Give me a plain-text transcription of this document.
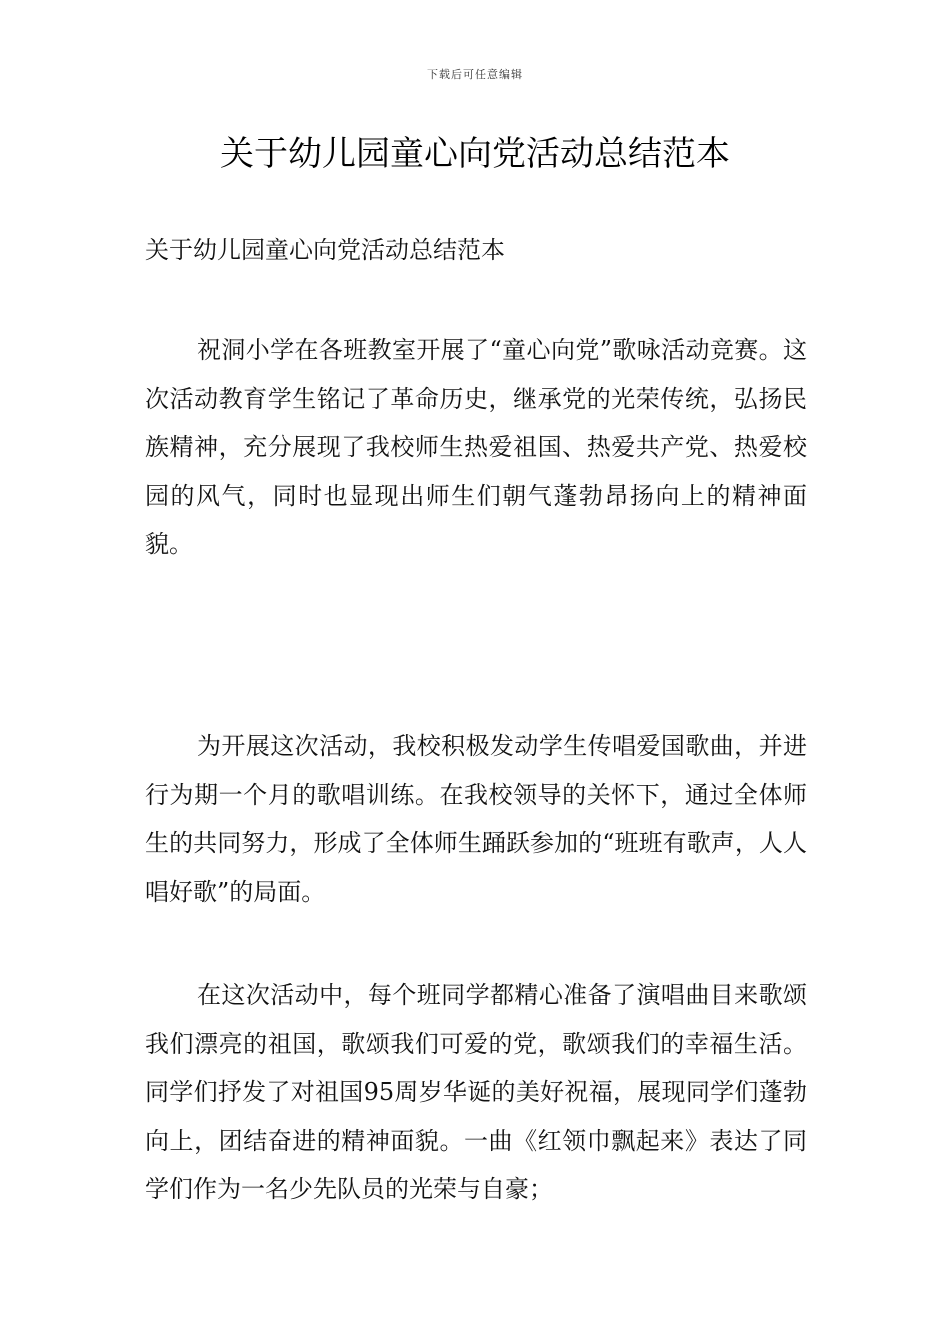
下载后可任意编辑
关于幼儿园童心向党活动总结范本

关于幼儿园童心向党活动总结范本

祝洞小学在各班教室开展了“童心向党”歌咏活动竞赛。这次活动教育学生铭记了革命历史，继承党的光荣传统，弘扬民族精神，充分展现了我校师生热爱祖国、热爱共产党、热爱校园的风气，同时也显现出师生们朝气蓬勃昂扬向上的精神面貌。

为开展这次活动，我校积极发动学生传唱爱国歌曲，并进行为期一个月的歌唱训练。在我校领导的关怀下，通过全体师生的共同努力，形成了全体师生踊跃参加的“班班有歌声，人人唱好歌”的局面。

在这次活动中，每个班同学都精心准备了演唱曲目来歌颂我们漂亮的祖国，歌颂我们可爱的党，歌颂我们的幸福生活。同学们抒发了对祖国95周岁华诞的美好祝福，展现同学们蓬勃向上，团结奋进的精神面貌。一曲《红领巾飘起来》表达了同学们作为一名少先队员的光荣与自豪；
